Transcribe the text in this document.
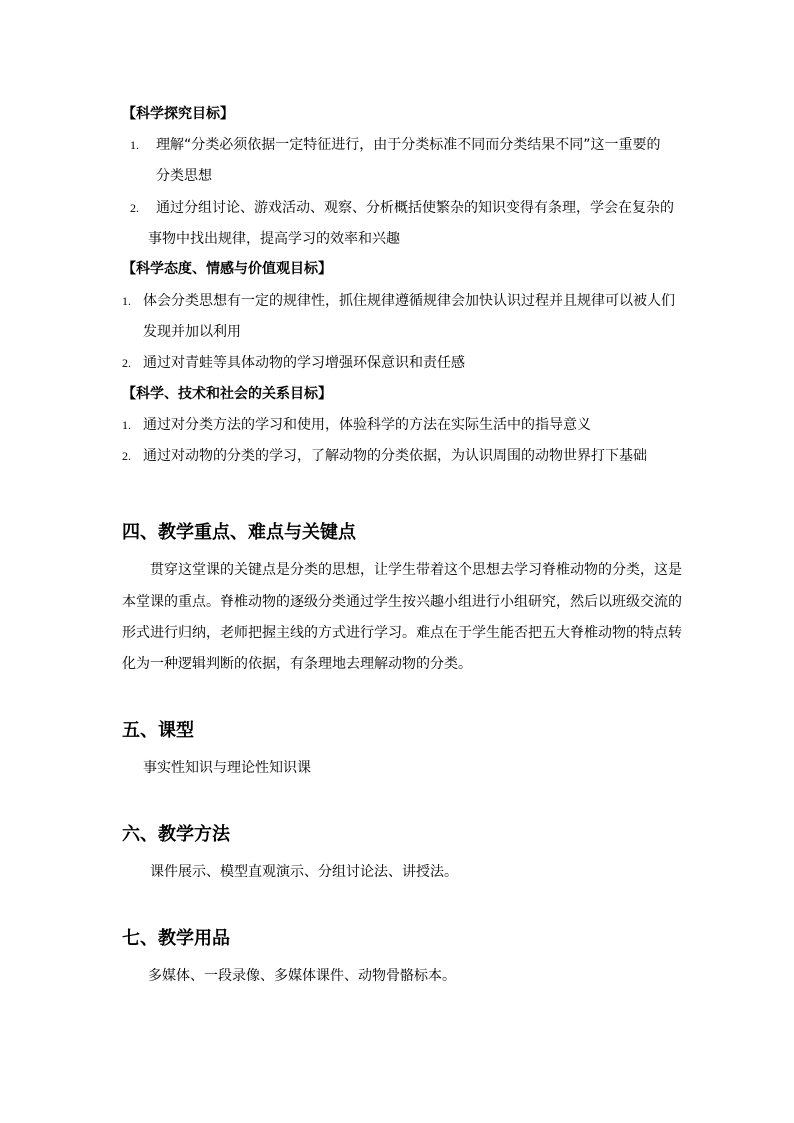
【科学探究目标】
1. 理解“分类必须依据一定特征进行，由于分类标准不同而分类结果不同”这一重要的
分类思想
2. 通过分组讨论、游戏活动、观察、分析概括使繁杂的知识变得有条理，学会在复杂的
事物中找出规律，提高学习的效率和兴趣
【科学态度、情感与价值观目标】
1. 体会分类思想有一定的规律性，抓住规律遵循规律会加快认识过程并且规律可以被人们
发现并加以利用
2. 通过对青蛙等具体动物的学习增强环保意识和责任感
【科学、技术和社会的关系目标】
1. 通过对分类方法的学习和使用，体验科学的方法在实际生活中的指导意义
2. 通过对动物的分类的学习，了解动物的分类依据，为认识周围的动物世界打下基础
四、教学重点、难点与关键点
贯穿这堂课的关键点是分类的思想，让学生带着这个思想去学习脊椎动物的分类，这是
本堂课的重点。脊椎动物的逐级分类通过学生按兴趣小组进行小组研究，然后以班级交流的
形式进行归纳，老师把握主线的方式进行学习。难点在于学生能否把五大脊椎动物的特点转
化为一种逻辑判断的依据，有条理地去理解动物的分类。
五、课型
事实性知识与理论性知识课
六、教学方法
课件展示、模型直观演示、分组讨论法、讲授法。
七、教学用品
多媒体、一段录像、多媒体课件、动物骨骼标本。
